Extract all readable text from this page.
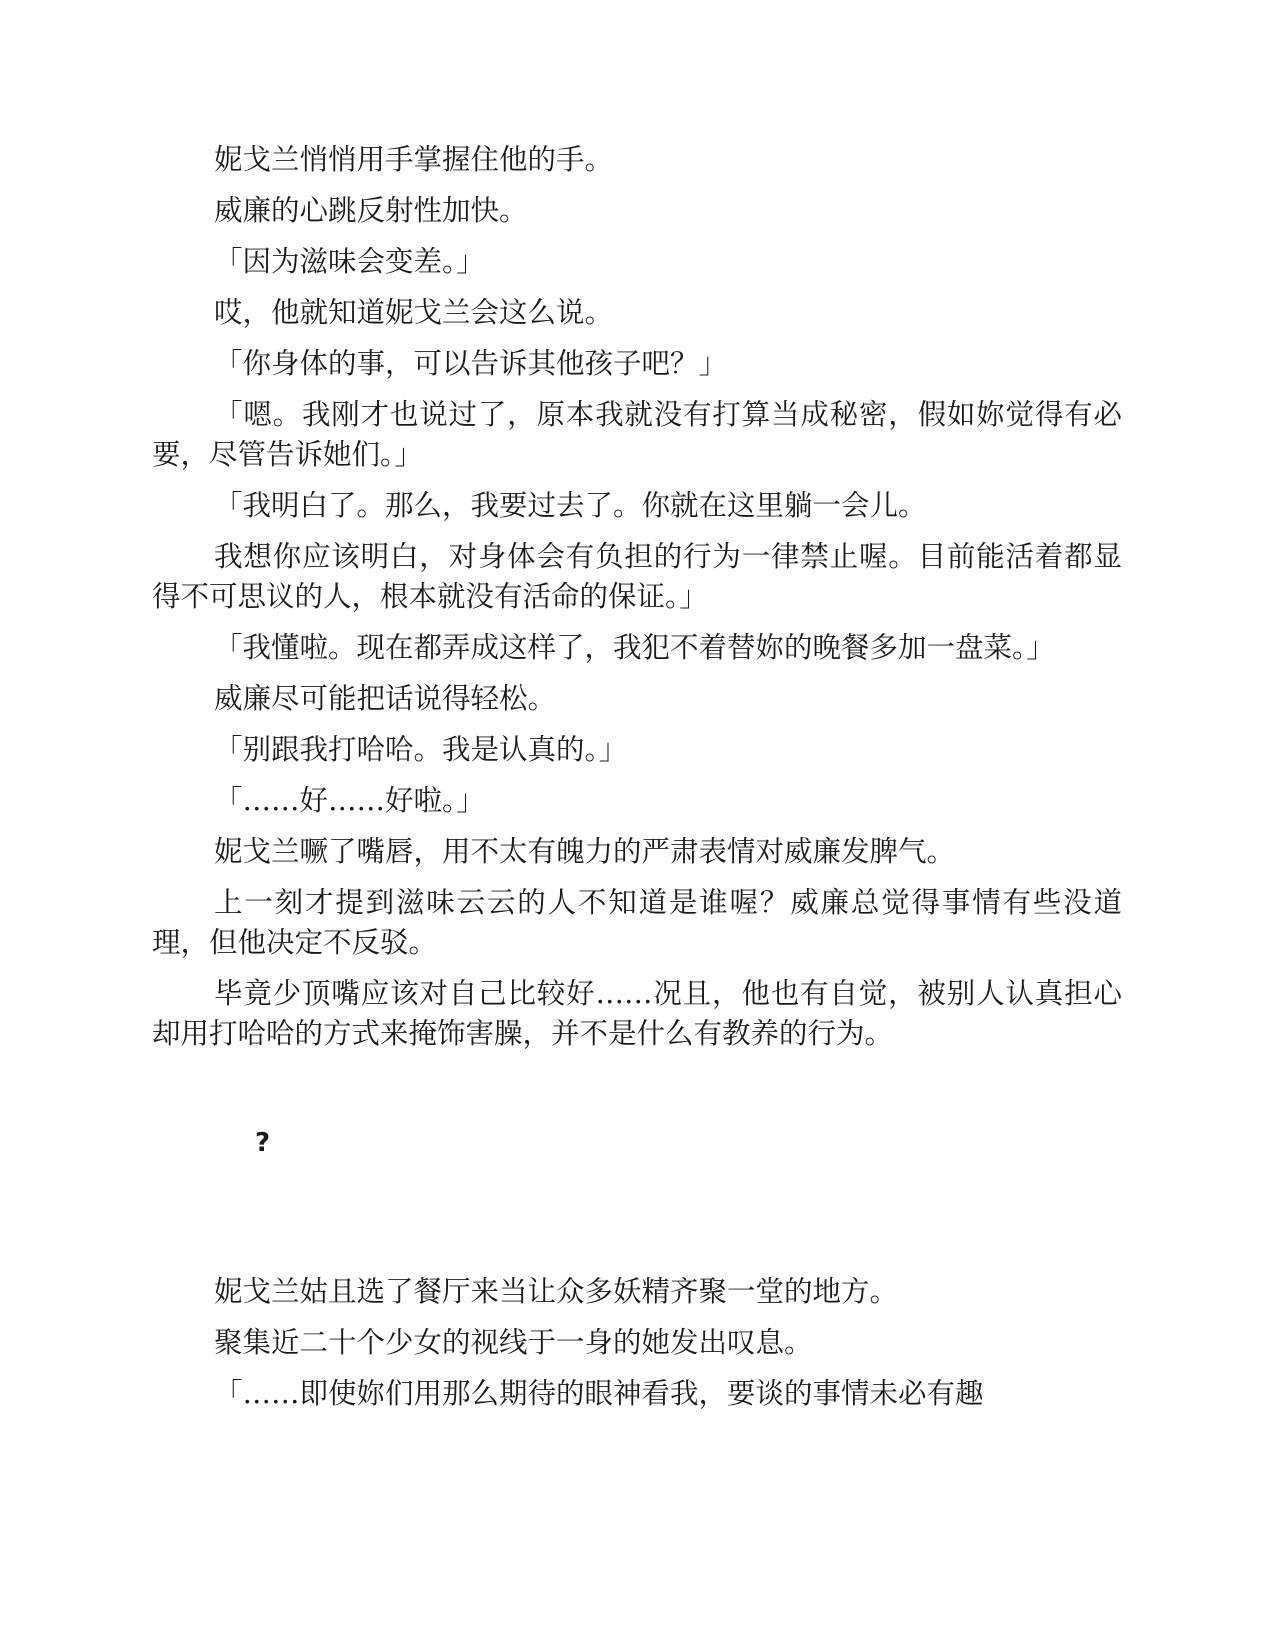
妮戈兰悄悄用手掌握住他的手。

威廉的心跳反射性加快。

「因为滋味会变差。」

哎，他就知道妮戈兰会这么说。

「你身体的事，可以告诉其他孩子吧？」

「嗯。我刚才也说过了，原本我就没有打算当成秘密，假如妳觉得有必要，尽管告诉她们。」

「我明白了。那么，我要过去了。你就在这里躺一会儿。

我想你应该明白，对身体会有负担的行为一律禁止喔。目前能活着都显得不可思议的人，根本就没有活命的保证。」

「我懂啦。现在都弄成这样了，我犯不着替妳的晚餐多加一盘菜。」

威廉尽可能把话说得轻松。

「别跟我打哈哈。我是认真的。」

「……好……好啦。」

妮戈兰噘了嘴唇，用不太有魄力的严肃表情对威廉发脾气。

上一刻才提到滋味云云的人不知道是谁喔？威廉总觉得事情有些没道理，但他决定不反驳。

毕竟少顶嘴应该对自己比较好……况且，他也有自觉，被别人认真担心却用打哈哈的方式来掩饰害臊，并不是什么有教养的行为。

?

妮戈兰姑且选了餐厅来当让众多妖精齐聚一堂的地方。

聚集近二十个少女的视线于一身的她发出叹息。

「……即使妳们用那么期待的眼神看我，要谈的事情未必有趣
